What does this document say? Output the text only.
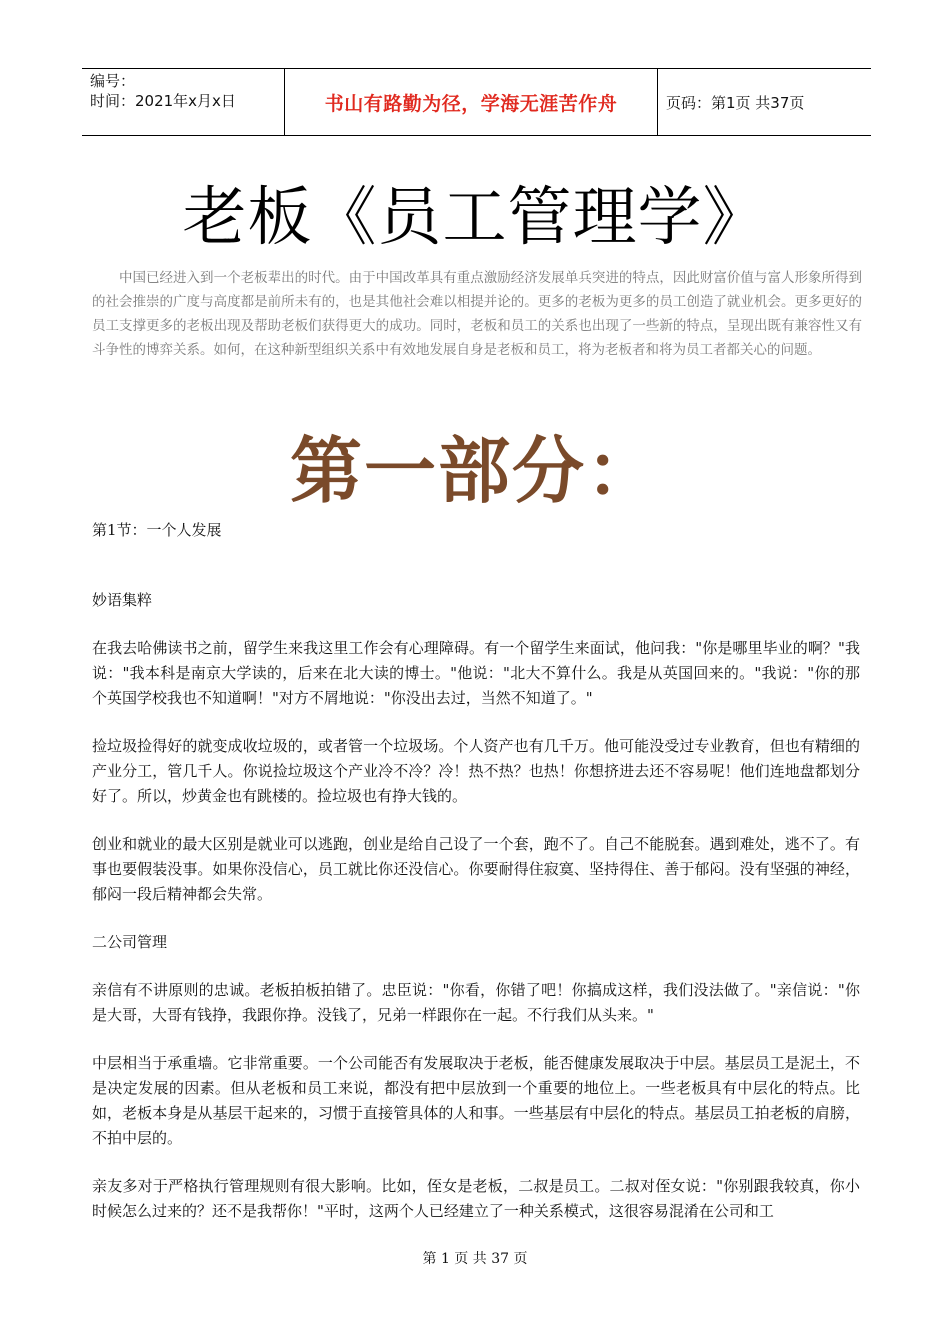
编号：
时间：2021年x月x日	书山有路勤为径，学海无涯苦作舟	页码：第1页 共37页
老板《员工管理学》
中国已经进入到一个老板辈出的时代。由于中国改革具有重点激励经济发展单兵突进的特点，因此财富价值与富人形象所得到的社会推崇的广度与高度都是前所未有的，也是其他社会难以相提并论的。更多的老板为更多的员工创造了就业机会。更多更好的员工支撑更多的老板出现及帮助老板们获得更大的成功。同时，老板和员工的关系也出现了一些新的特点，呈现出既有兼容性又有斗争性的博弈关系。如何，在这种新型组织关系中有效地发展自身是老板和员工，将为老板者和将为员工者都关心的问题。
第一部分：

第1节：一个人发展

妙语集粹

在我去哈佛读书之前，留学生来我这里工作会有心理障碍。有一个留学生来面试，他问我："你是哪里毕业的啊？"我说："我本科是南京大学读的，后来在北大读的博士。"他说："北大不算什么。我是从英国回来的。"我说："你的那个英国学校我也不知道啊！"对方不屑地说："你没出去过，当然不知道了。"

捡垃圾捡得好的就变成收垃圾的，或者管一个垃圾场。个人资产也有几千万。他可能没受过专业教育，但也有精细的产业分工，管几千人。你说捡垃圾这个产业冷不冷？冷！热不热？也热！你想挤进去还不容易呢！他们连地盘都划分好了。所以，炒黄金也有跳楼的。捡垃圾也有挣大钱的。

创业和就业的最大区别是就业可以逃跑，创业是给自己设了一个套，跑不了。自己不能脱套。遇到难处，逃不了。有事也要假装没事。如果你没信心，员工就比你还没信心。你要耐得住寂寞、坚持得住、善于郁闷。没有坚强的神经，郁闷一段后精神都会失常。

二公司管理

亲信有不讲原则的忠诚。老板拍板拍错了。忠臣说："你看，你错了吧！你搞成这样，我们没法做了。"亲信说："你是大哥，大哥有钱挣，我跟你挣。没钱了，兄弟一样跟你在一起。不行我们从头来。"

中层相当于承重墙。它非常重要。一个公司能否有发展取决于老板，能否健康发展取决于中层。基层员工是泥土，不是决定发展的因素。但从老板和员工来说，都没有把中层放到一个重要的地位上。一些老板具有中层化的特点。比如，老板本身是从基层干起来的，习惯于直接管具体的人和事。一些基层有中层化的特点。基层员工拍老板的肩膀，不拍中层的。

亲友多对于严格执行管理规则有很大影响。比如，侄女是老板，二叔是员工。二叔对侄女说："你别跟我较真，你小时候怎么过来的？还不是我帮你！"平时，这两个人已经建立了一种关系模式，这很容易混淆在公司和工

第 1 页 共 37 页
